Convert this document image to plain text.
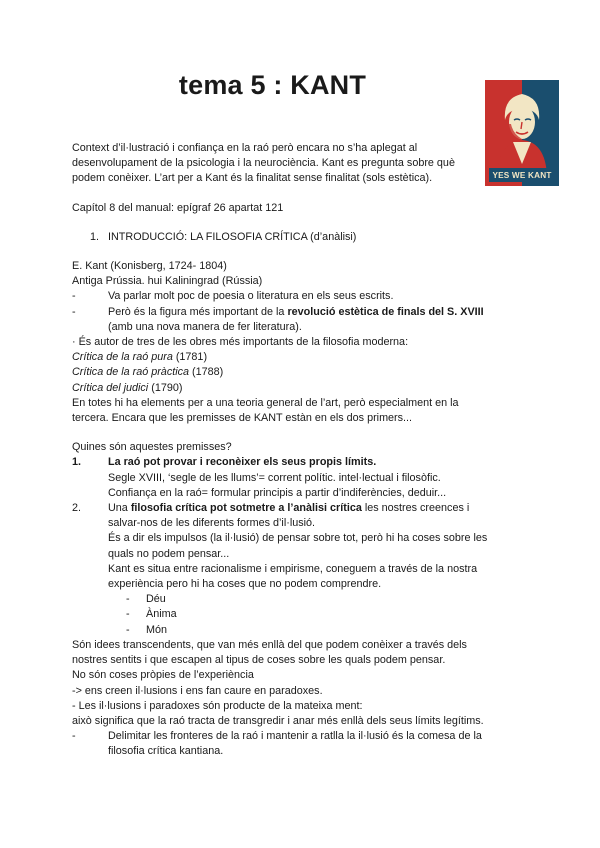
tema 5 : KANT
YES WE KANT

Context d’il·lustració i confiança en la raó però encara no s’ha aplegat al desenvolupament de la psicologia i la neurociència. Kant es pregunta sobre què podem conèixer. L’art per a Kant és la finalitat sense finalitat (sols estètica).

Capítol 8 del manual: epígraf 26 apartat 121

1. INTRODUCCIÓ: LA FILOSOFIA CRÍTICA (d’anàlisi)

E. Kant (Konisberg, 1724- 1804)

Antiga Prússia. hui Kaliningrad (Rússia)

-	Va parlar molt poc de poesia o literatura en els seus escrits.

-	Però és la figura més important de la revolució estètica de finals del S. XVIII (amb una nova manera de fer literatura).

· És autor de tres de les obres més importants de la filosofia moderna:

Crítica de la raó pura (1781)

Crítica de la raó pràctica (1788)

Crítica del judici (1790)

En totes hi ha elements per a una teoria general de l’art, però especialment en la tercera. Encara que les premisses de KANT estàn en els dos primers...

Quines són aquestes premisses?

1. La raó pot provar i reconèixer els seus propis límits.

Segle XVIII, ‘segle de les llums’= corrent polític. intel·lectual i filosòfic.

Confiança en la raó= formular principis a partir d’indiferències, deduir...

2. Una filosofia crítica pot sotmetre a l’anàlisi crítica les nostres creences i salvar-nos de les diferents formes d’il·lusió.

És a dir els impulsos (la il·lusió) de pensar sobre tot, però hi ha coses sobre les quals no podem pensar...

Kant es situa entre racionalisme i empirisme, coneguem a través de la nostra experiència pero hi ha coses que no podem comprendre.

- Déu

- Ànima

- Món

Són idees transcendents, que van més enllà del que podem conèixer a través dels nostres sentits i que escapen al tipus de coses sobre les quals podem pensar.

No són coses pròpies de l’experiència

-> ens creen il·lusions i ens fan caure en paradoxes.

- Les il·lusions i paradoxes són producte de la mateixa ment:

això significa que la raó tracta de transgredir i anar més enllà dels seus límits legítims.

-	Delimitar les fronteres de la raó i mantenir a ratlla la il·lusió és la comesa de la filosofia crítica kantiana.
